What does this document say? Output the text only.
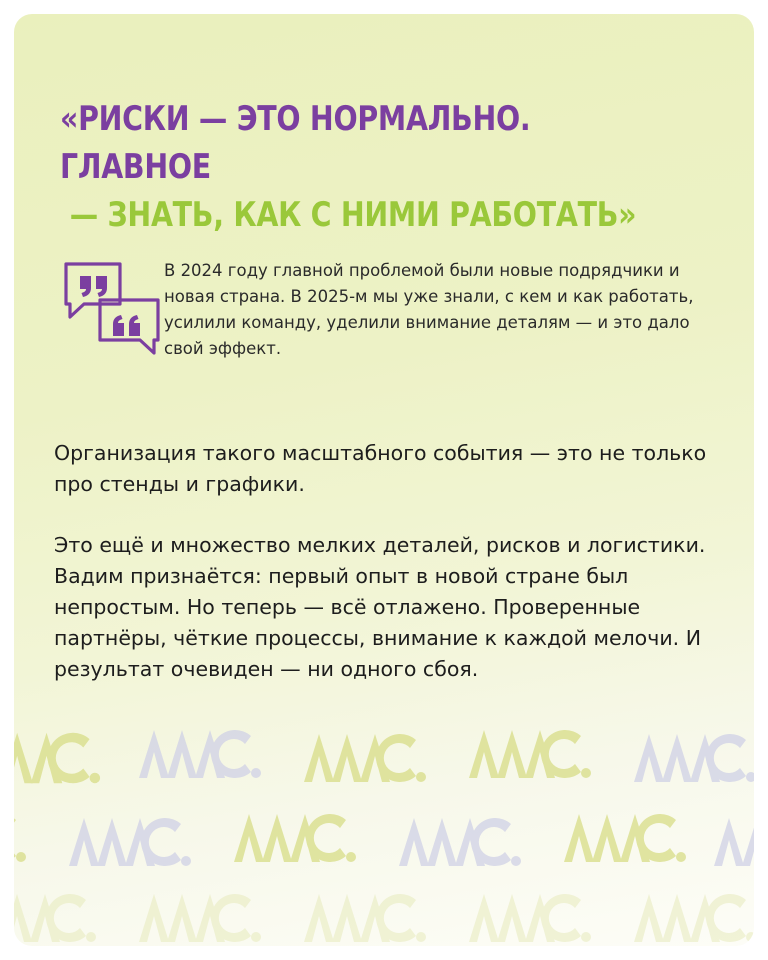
«РИСКИ — ЭТО НОРМАЛЬНО. ГЛАВНОЕ
— ЗНАТЬ, КАК С НИМИ РАБОТАТЬ»
В 2024 году главной проблемой были новые подрядчики и новая страна. В 2025-м мы уже знали, с кем и как работать, усилили команду, уделили внимание деталям — и это дало свой эффект.

Организация такого масштабного события — это не только про стенды и графики.

Это ещё и множество мелких деталей, рисков и логистики. Вадим признаётся: первый опыт в новой стране был непростым. Но теперь — всё отлажено. Проверенные партнёры, чёткие процессы, внимание к каждой мелочи. И результат очевиден — ни одного сбоя.
